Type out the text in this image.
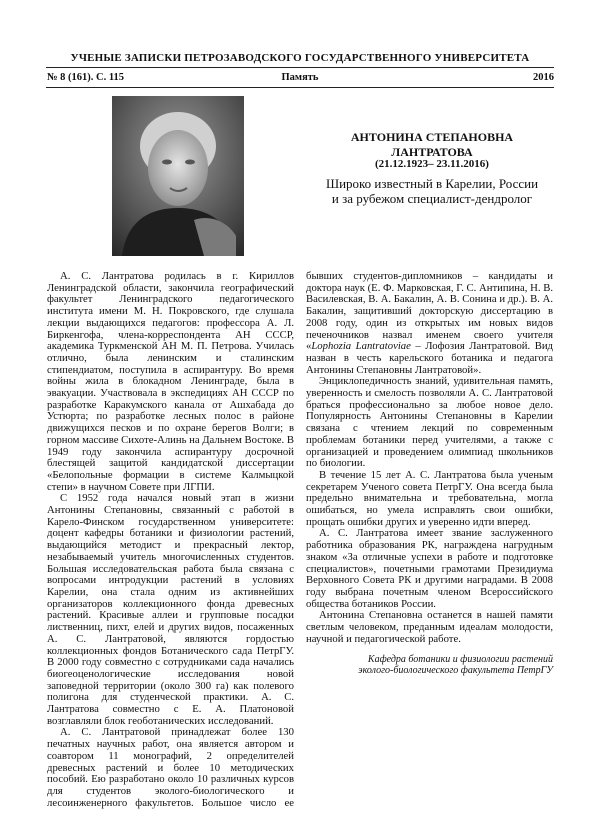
УЧЕНЫЕ ЗАПИСКИ ПЕТРОЗАВОДСКОГО ГОСУДАРСТВЕННОГО УНИВЕРСИТЕТА
№ 8 (161). С. 115	Память	2016
АНТОНИНА СТЕПАНОВНА
ЛАНТРАТОВА
(21.12.1923– 23.11.2016)
Широко известный в Карелии, России
и за рубежом специалист-дендролог

А. С. Лантратова родилась в г. Кириллов Ленинградской области, закончила географический факультет Ленинградского педагогического института имени М. Н. Покровского, где слушала лекции выдающихся педагогов: профессора А. Л. Биркенгофа, члена-корреспондента АН СССР, академика Туркменской АН М. П. Петрова. Училась отлично, была ленинским и сталинским стипендиатом, поступила в аспирантуру. Во время войны жила в блокадном Ленинграде, была в эвакуации. Участвовала в экспедициях АН СССР по разработке Каракумского канала от Ашхабада до Устюрта; по разработке лесных полос в районе движущихся песков и по охране берегов Волги; в горном массиве Сихоте-Алинь на Дальнем Востоке. В 1949 году закончила аспирантуру досрочной блестящей защитой кандидатской диссертации «Белопольные формации в системе Калмыцкой степи» в научном Совете при ЛГПИ.

С 1952 года начался новый этап в жизни Антонины Степановны, связанный с работой в Карело-Финском государственном университете: доцент кафедры ботаники и физиологии растений, выдающийся методист и прекрасный лектор, незабываемый учитель многочисленных студентов. Большая исследовательская работа была связана с вопросами интродукции растений в условиях Карелии, она стала одним из активнейших организаторов коллекционного фонда древесных растений. Красивые аллеи и групповые посадки лиственниц, пихт, елей и других видов, посаженных А. С. Лантратовой, являются гордостью коллекционных фондов Ботанического сада ПетрГУ. В 2000 году совместно с сотрудниками сада начались биогеоценологические исследования новой заповедной территории (около 300 га) как полевого полигона для студенческой практики. А. С. Лантратова совместно с Е. А. Платоновой возглавляли блок геоботанических исследований.

А. С. Лантратовой принадлежат более 130 печатных научных работ, она является автором и соавтором 11 монографий, 2 определителей древесных растений и более 10 методических пособий. Ею разработано около 10 различных курсов для студентов эколого-биологического и лесоинженерного факультетов. Большое число ее

бывших студентов-дипломников – кандидаты и доктора наук (Е. Ф. Марковская, Г. С. Антипина, Н. В. Василевская, В. А. Бакалин, А. В. Сонина и др.). В. А. Бакалин, защитивший докторскую диссертацию в 2008 году, один из открытых им новых видов печеночников назвал именем своего учителя «Lophozia Lantratoviae – Лофозия Лантратовой. Вид назван в честь карельского ботаника и педагога Антонины Степановны Лантратовой».

Энциклопедичность знаний, удивительная память, уверенность и смелость позволяли А. С. Лантратовой браться профессионально за любое новое дело. Популярность Антонины Степановны в Карелии связана с чтением лекций по современным проблемам ботаники перед учителями, а также с организацией и проведением олимпиад школьников по биологии.

В течение 15 лет А. С. Лантратова была ученым секретарем Ученого совета ПетрГУ. Она всегда была предельно внимательна и требовательна, могла ошибаться, но умела исправлять свои ошибки, прощать ошибки других и уверенно идти вперед.

А. С. Лантратова имеет звание заслуженного работника образования РК, награждена нагрудным знаком «За отличные успехи в работе и подготовке специалистов», почетными грамотами Президиума Верховного Совета РК и другими наградами. В 2008 году выбрана почетным членом Всероссийского общества ботаников России.

Антонина Степановна останется в нашей памяти светлым человеком, преданным идеалам молодости, научной и педагогической работе.

Кафедра ботаники и физиологии растений
эколого-биологического факультета ПетрГУ
